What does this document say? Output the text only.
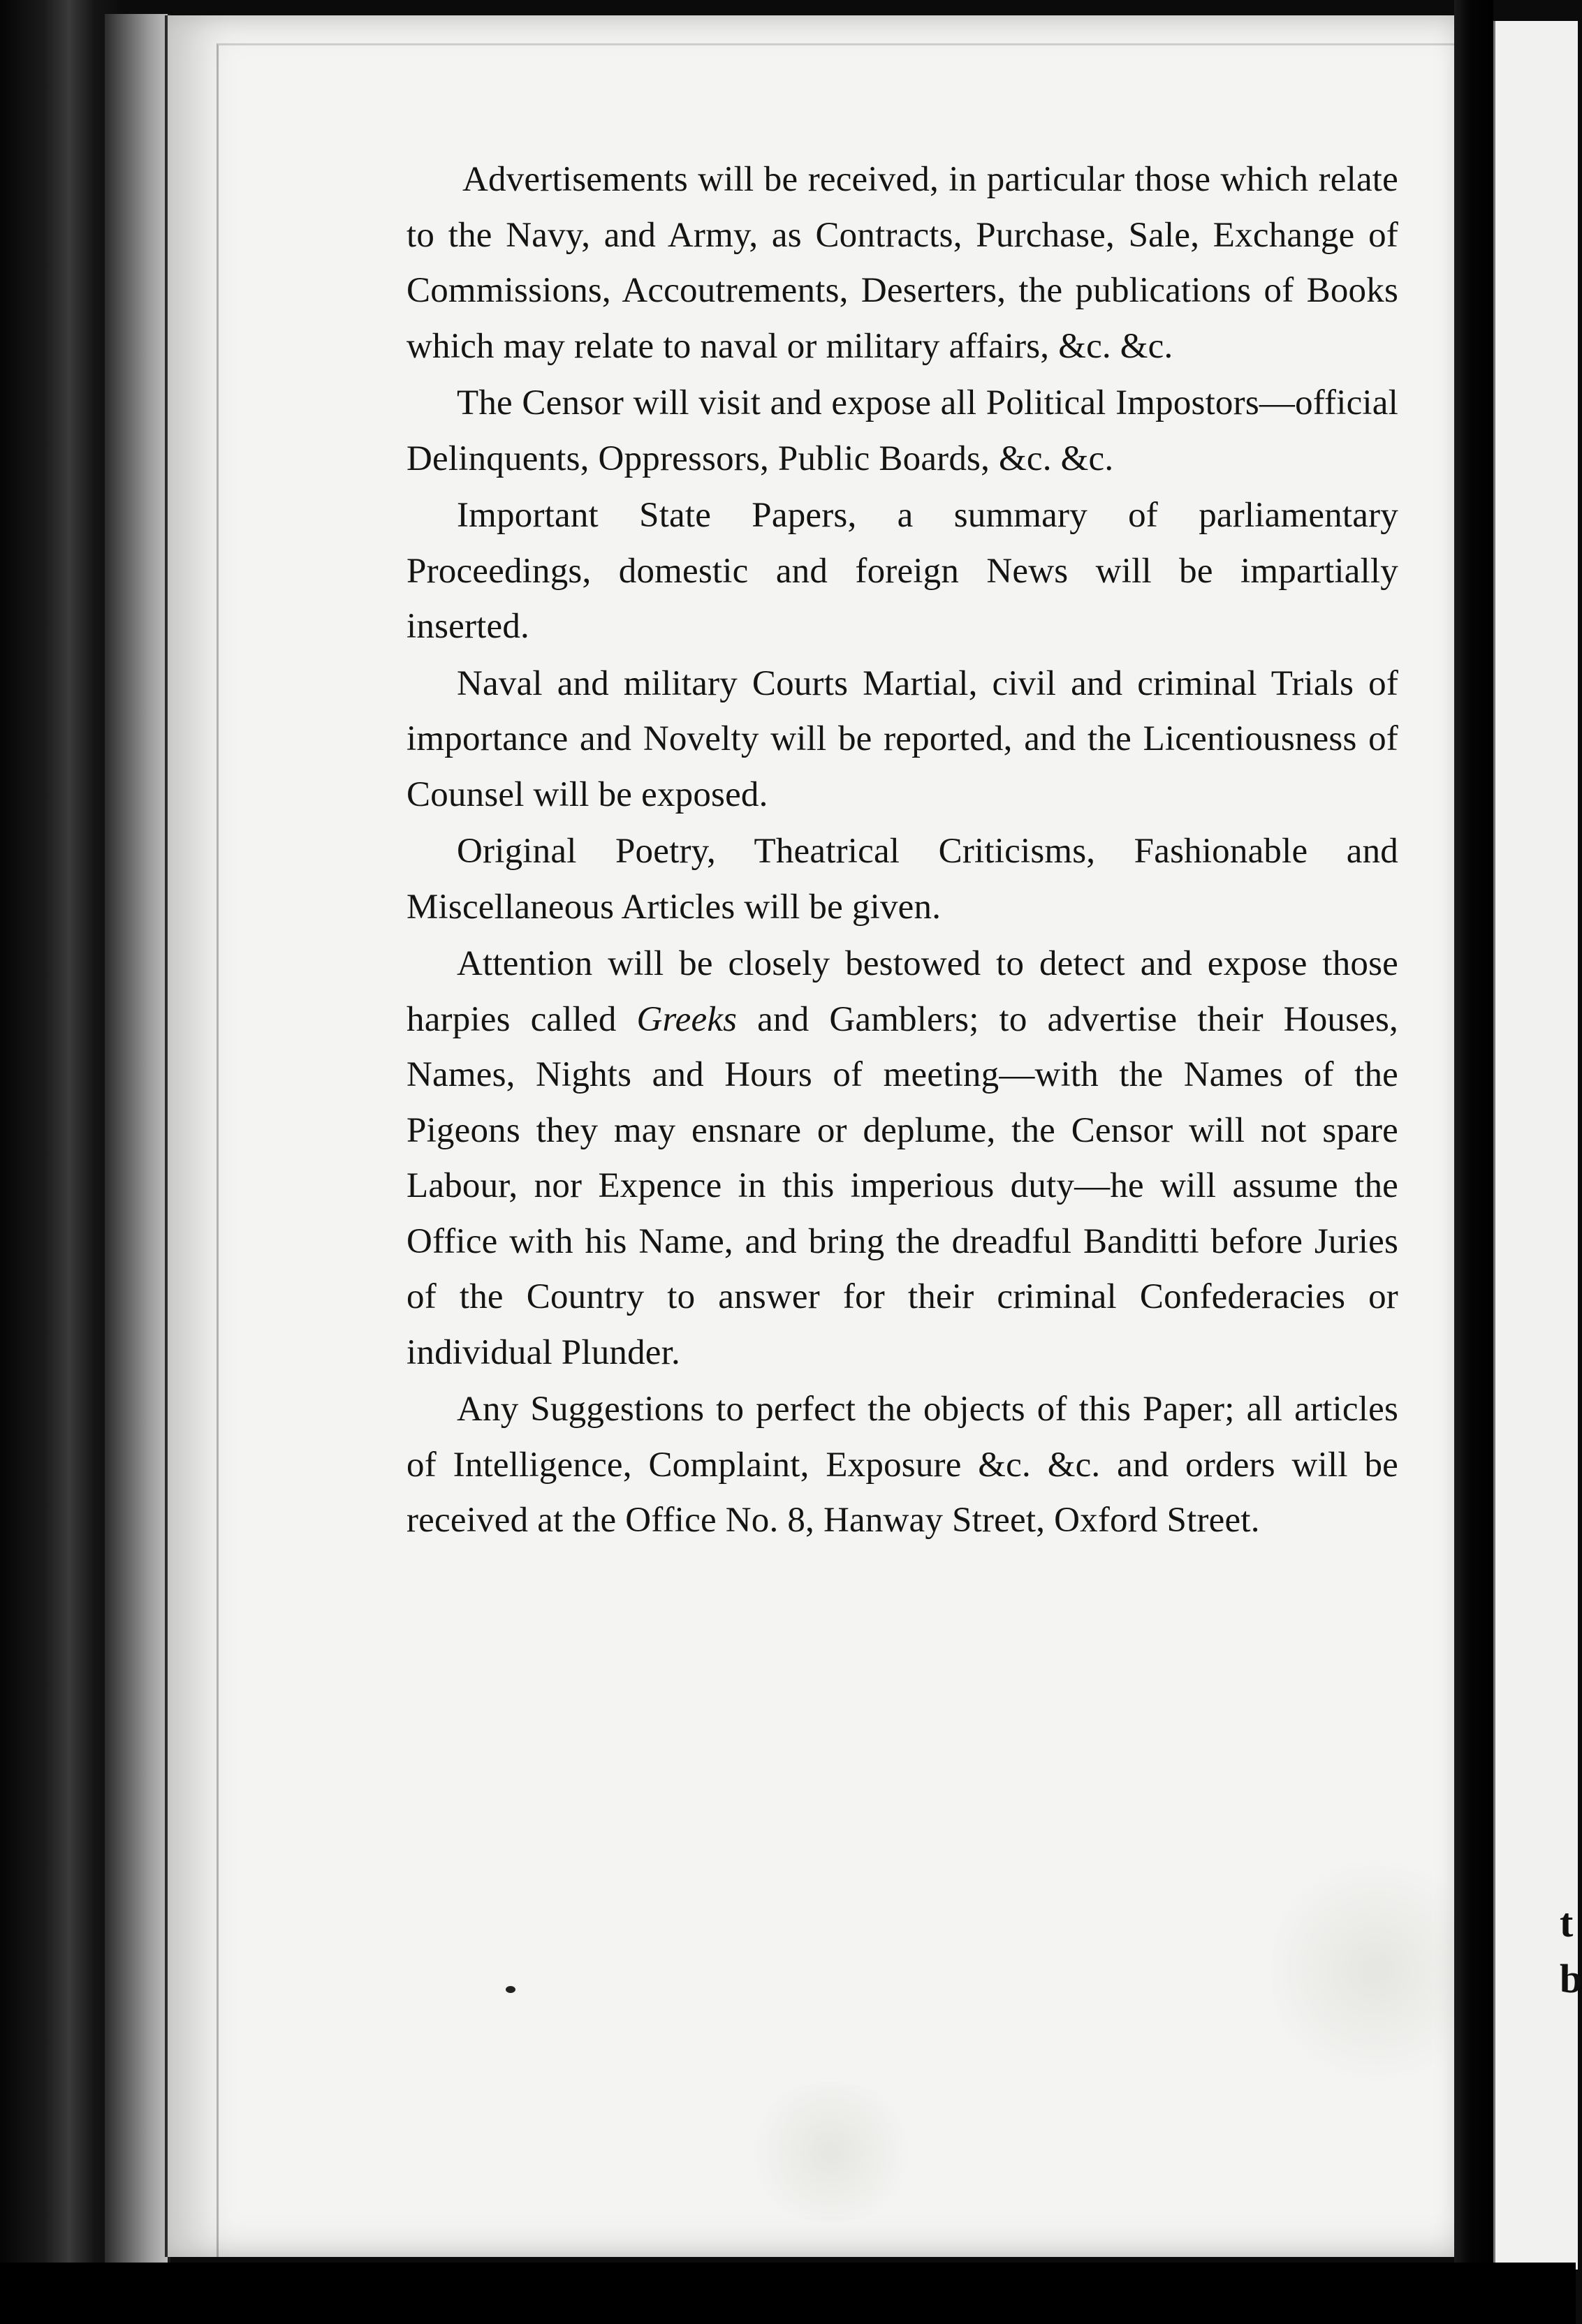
Advertisements will be received, in particular those which relate to the Navy, and Army, as Contracts, Purchase, Sale, Exchange of Commissions, Accoutrements, Deserters, the publications of Books which may relate to naval or military affairs, &c. &c.

The Censor will visit and expose all Political Impostors—official Delinquents, Oppressors, Public Boards, &c. &c.

Important State Papers, a summary of parliamentary Proceedings, domestic and foreign News will be impartially inserted.

Naval and military Courts Martial, civil and criminal Trials of importance and Novelty will be reported, and the Licentiousness of Counsel will be exposed.

Original Poetry, Theatrical Criticisms, Fashionable and Miscellaneous Articles will be given.

Attention will be closely bestowed to detect and expose those harpies called Greeks and Gamblers; to advertise their Houses, Names, Nights and Hours of meeting—with the Names of the Pigeons they may ensnare or deplume, the Censor will not spare Labour, nor Expence in this imperious duty—he will assume the Office with his Name, and bring the dreadful Banditti before Juries of the Country to answer for their criminal Confederacies or individual Plunder.

Any Suggestions to perfect the objects of this Paper; all articles of Intelligence, Complaint, Exposure &c. &c. and orders will be received at the Office No. 8, Hanway Street, Oxford Street.

t
b
